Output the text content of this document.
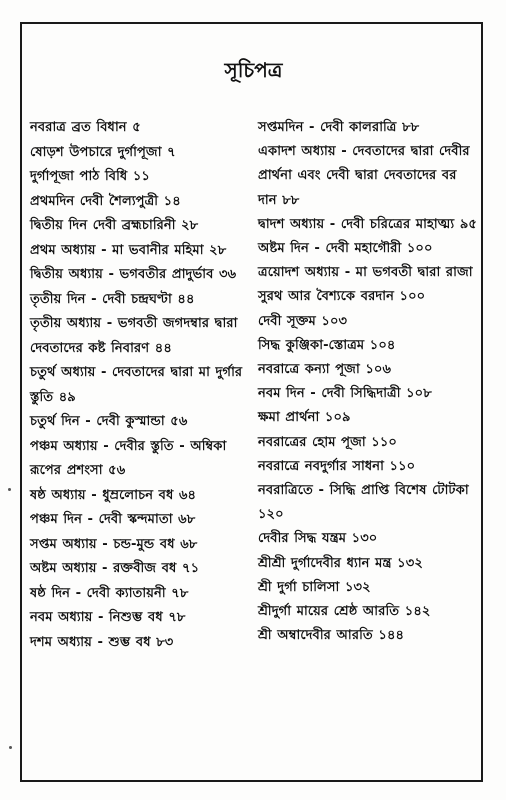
সূচিপত্র
নবরাত্র ব্রত বিধান ৫
ষোড়শ উপচারে দুর্গাপূজা ৭
দুর্গাপূজা পাঠ বিধি ১১
প্রথমদিন দেবী শৈল্যপুত্রী ১৪
দ্বিতীয় দিন দেবী ব্রহ্মচারিনী ২৮
প্রথম অধ্যায় - মা ভবানীর মহিমা ২৮
দ্বিতীয় অধ্যায় - ভগবতীর প্রাদুর্ভাব ৩৬
তৃতীয় দিন - দেবী চন্দ্রঘণ্টা ৪৪
তৃতীয় অধ্যায় - ভগবতী জগদম্বার দ্বারা দেবতাদের কষ্ট নিবারণ ৪৪
চতুর্থ অধ্যায় - দেবতাদের দ্বারা মা দুর্গার স্তুতি ৪৯
চতুর্থ দিন - দেবী কুস্মান্ডা ৫৬
পঞ্চম অধ্যায় - দেবীর স্তুতি - অম্বিকা রূপের প্রশংসা ৫৬
ষষ্ঠ অধ্যায় - ধুম্রলোচন বধ ৬৪
পঞ্চম দিন - দেবী স্কন্দমাতা ৬৮
সপ্তম অধ্যায় - চন্ড-মুন্ড বধ ৬৮
অষ্টম অধ্যায় - রক্তবীজ বধ ৭১
ষষ্ঠ দিন - দেবী ক্যাতায়নী ৭৮
নবম অধ্যায় - নিশুম্ভ বধ ৭৮
দশম অধ্যায় - শুম্ভ বধ ৮৩
সপ্তমদিন - দেবী কালরাত্রি ৮৮
একাদশ অধ্যায় - দেবতাদের দ্বারা দেবীর প্রার্থনা এবং দেবী দ্বারা দেবতাদের বর দান ৮৮
দ্বাদশ অধ্যায় - দেবী চরিত্রের মাহাত্ম্য ৯৫
অষ্টম দিন - দেবী মহাগৌরী ১০০
ত্রয়োদশ অধ্যায় - মা ভগবতী দ্বারা রাজা সুরথ আর বৈশ্যকে বরদান ১০০
দেবী সূক্তম ১০৩
সিদ্ধ কুঞ্জিকা-স্তোত্রম ১০৪
নবরাত্রে কন্যা পূজা ১০৬
নবম দিন - দেবী সিদ্ধিদাত্রী ১০৮
ক্ষমা প্রার্থনা ১০৯
নবরাত্রের হোম পূজা ১১০
নবরাত্রে নবদুর্গার সাধনা ১১০
নবরাত্রিতে - সিদ্ধি প্রাপ্তি বিশেষ টোটকা ১২০
দেবীর সিদ্ধ যন্ত্রম ১৩০
শ্রীশ্রী দুর্গাদেবীর ধ্যান মন্ত্র ১৩২
শ্রী দুর্গা চালিসা ১৩২
শ্রীদুর্গা মায়ের শ্রেষ্ঠ আরতি ১৪২
শ্রী অম্বাদেবীর আরতি ১৪৪
